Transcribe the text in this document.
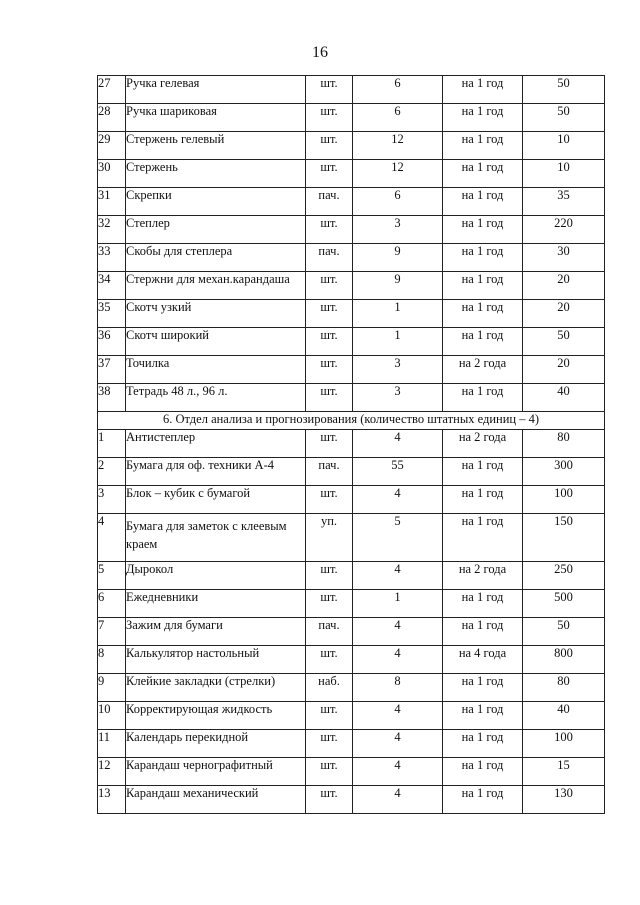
16
27	Ручка гелевая	шт.	6	на 1 год	50
28	Ручка шариковая	шт.	6	на 1 год	50
29	Стержень гелевый	шт.	12	на 1 год	10
30	Стержень	шт.	12	на 1 год	10
31	Скрепки	пач.	6	на 1 год	35
32	Степлер	шт.	3	на 1 год	220
33	Скобы для степлера	пач.	9	на 1 год	30
34	Стержни для механ.карандашa	шт.	9	на 1 год	20
35	Скотч узкий	шт.	1	на 1 год	20
36	Скотч широкий	шт.	1	на 1 год	50
37	Точилка	шт.	3	на 2 года	20
38	Тетрадь 48 л., 96 л.	шт.	3	на 1 год	40
6. Отдел анализа и прогнозирования (количество штатных единиц – 4)					
1	Антистеплер	шт.	4	на 2 года	80
2	Бумага для оф. техники А-4	пач.	55	на 1 год	300
3	Блок – кубик с бумагой	шт.	4	на 1 год	100
4	Бумага для заметок с клеевым
краем	уп.	5	на 1 год	150
5	Дырокол	шт.	4	на 2 года	250
6	Ежедневники	шт.	1	на 1 год	500
7	Зажим для бумаги	пач.	4	на 1 год	50
8	Калькулятор настольный	шт.	4	на 4 года	800
9	Клейкие закладки (стрелки)	наб.	8	на 1 год	80
10	Корректирующая жидкость	шт.	4	на 1 год	40
11	Календарь перекидной	шт.	4	на 1 год	100
12	Карандаш чернографитный	шт.	4	на 1 год	15
13	Карандаш механический	шт.	4	на 1 год	130
